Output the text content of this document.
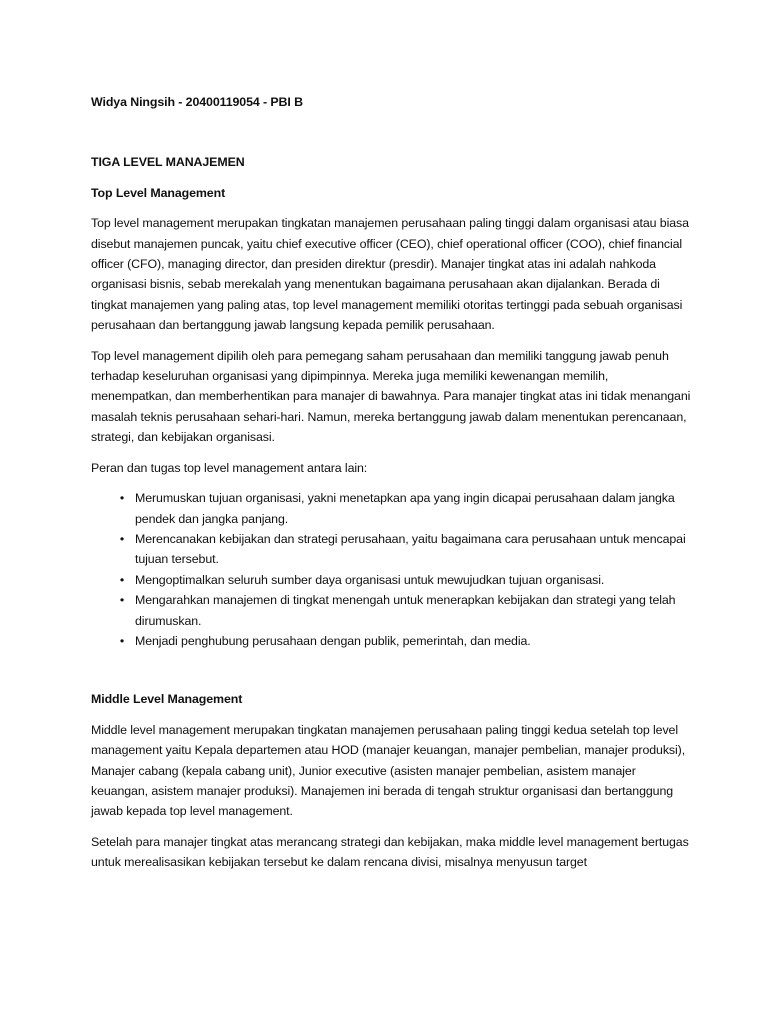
Widya Ningsih - 20400119054 - PBI B

TIGA LEVEL MANAJEMEN

Top Level Management

Top level management merupakan tingkatan manajemen perusahaan paling tinggi dalam organisasi atau biasa disebut manajemen puncak, yaitu chief executive officer (CEO), chief operational officer (COO), chief financial officer (CFO), managing director, dan presiden direktur (presdir). Manajer tingkat atas ini adalah nahkoda organisasi bisnis, sebab merekalah yang menentukan bagaimana perusahaan akan dijalankan. Berada di tingkat manajemen yang paling atas, top level management memiliki otoritas tertinggi pada sebuah organisasi perusahaan dan bertanggung jawab langsung kepada pemilik perusahaan.

Top level management dipilih oleh para pemegang saham perusahaan dan memiliki tanggung jawab penuh terhadap keseluruhan organisasi yang dipimpinnya. Mereka juga memiliki kewenangan memilih, menempatkan, dan memberhentikan para manajer di bawahnya. Para manajer tingkat atas ini tidak menangani masalah teknis perusahaan sehari-hari. Namun, mereka bertanggung jawab dalam menentukan perencanaan, strategi, dan kebijakan organisasi.

Peran dan tugas top level management antara lain:

• Merumuskan tujuan organisasi, yakni menetapkan apa yang ingin dicapai perusahaan dalam jangka pendek dan jangka panjang.
• Merencanakan kebijakan dan strategi perusahaan, yaitu bagaimana cara perusahaan untuk mencapai tujuan tersebut.
• Mengoptimalkan seluruh sumber daya organisasi untuk mewujudkan tujuan organisasi.
• Mengarahkan manajemen di tingkat menengah untuk menerapkan kebijakan dan strategi yang telah dirumuskan.
• Menjadi penghubung perusahaan dengan publik, pemerintah, dan media.

Middle Level Management

Middle level management merupakan tingkatan manajemen perusahaan paling tinggi kedua setelah top level management yaitu Kepala departemen atau HOD (manajer keuangan, manajer pembelian, manajer produksi), Manajer cabang (kepala cabang unit), Junior executive (asisten manajer pembelian, asistem manajer keuangan, asistem manajer produksi). Manajemen ini berada di tengah struktur organisasi dan bertanggung jawab kepada top level management.

Setelah para manajer tingkat atas merancang strategi dan kebijakan, maka middle level management bertugas untuk merealisasikan kebijakan tersebut ke dalam rencana divisi, misalnya menyusun target
